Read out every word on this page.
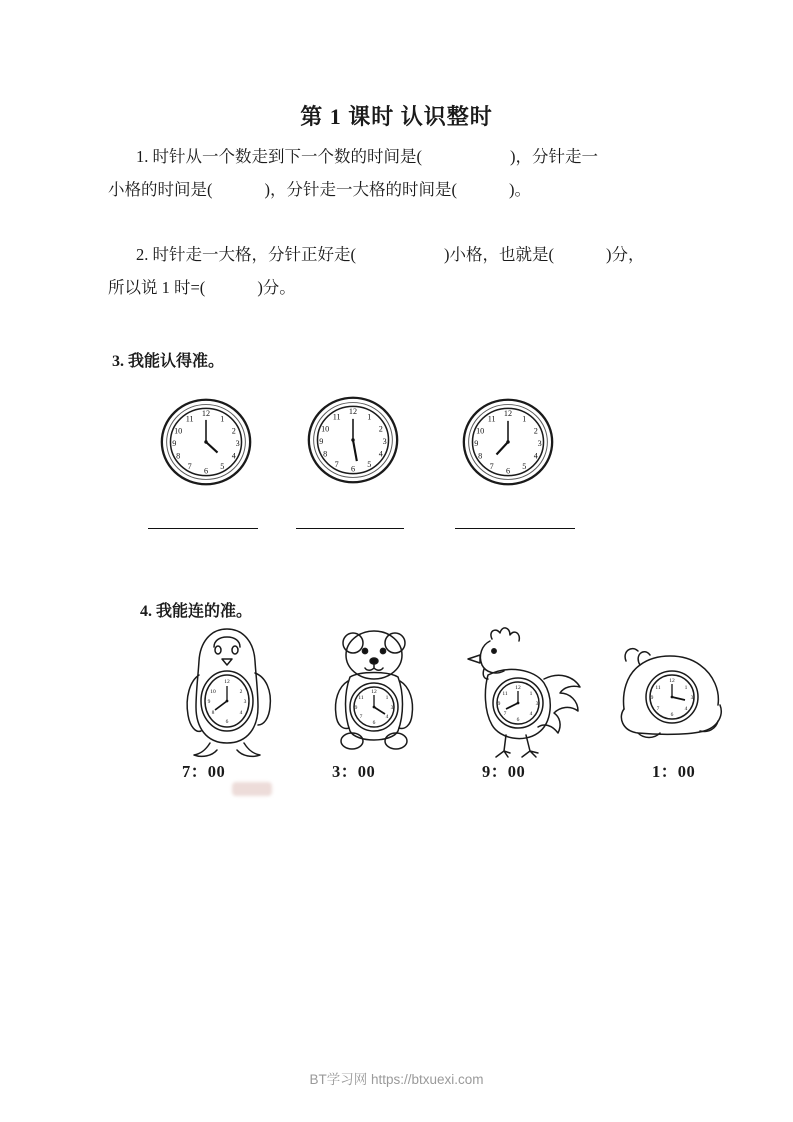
第 1 课时 认识整时
1. 时针从一个数走到下一个数的时间是(	)，分针走一
小格的时间是(	)，分针走一大格的时间是(	)。
2. 时针走一大格，分针正好走(	)小格，也就是(	)分，
所以说 1 时=(	)分。
3. 我能认得准。
12
1
2
3
4
5
6
7
8
9
10
11
12
1
2
3
4
5
6
7
8
9
10
11	12
1
2
3
4
5
6
7
8
9
10
11
4. 我能连的准。
12
2
3
4
6
8
9
10	12
1
3
4
6
7
9
11
12
1
3
4
6
7
9
11
12
1
3
4
6
7
9
11
7：00	3：00	9：00	1：00
BT学习网 https://btxuexi.com
